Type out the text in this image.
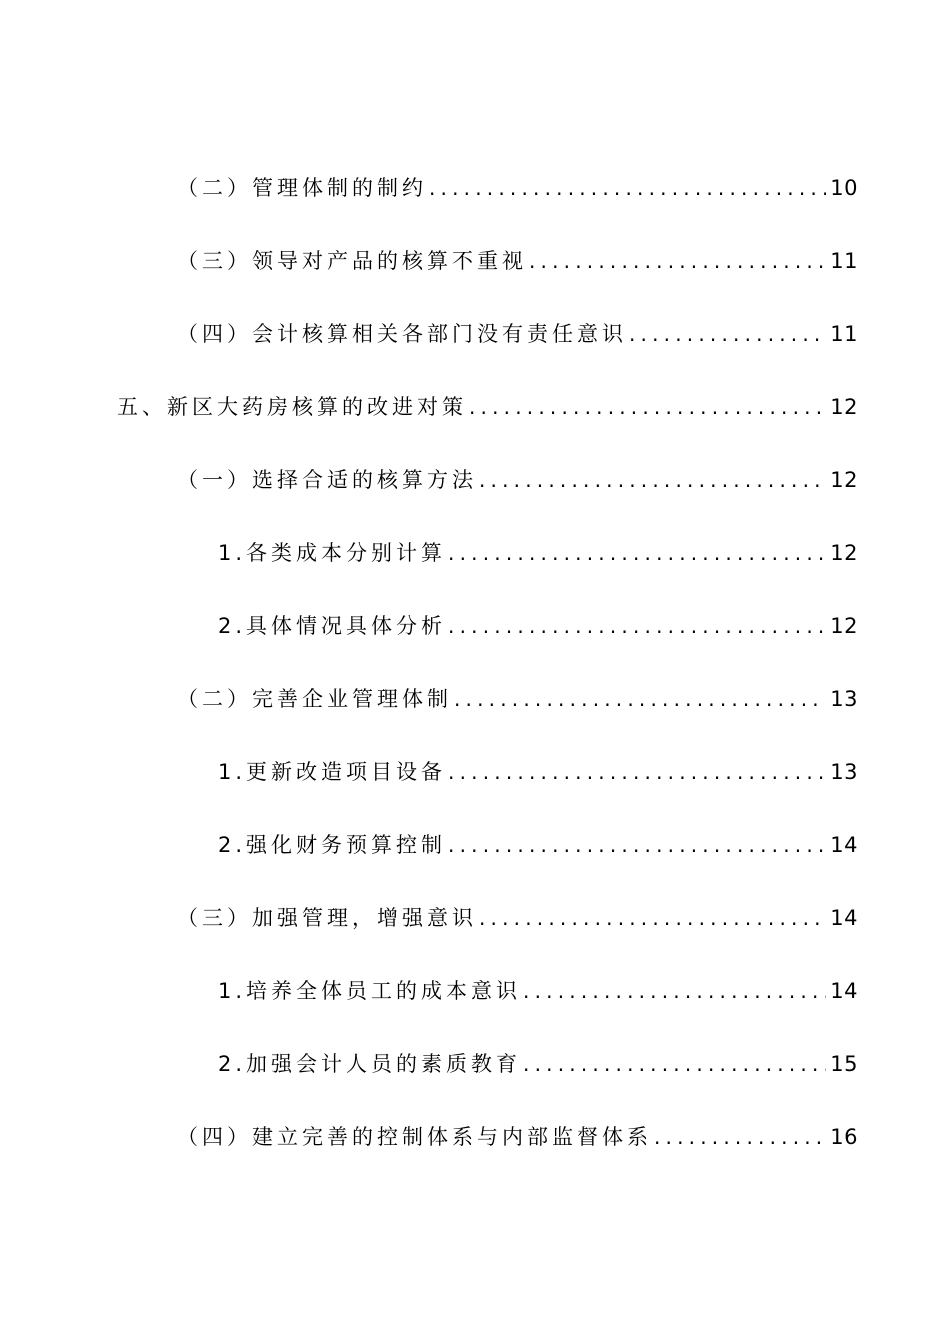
（二）管理体制的制约 .....	10
（三）领导对产品的核算不重视 .....	11
（四）会计核算相关各部门没有责任意识 .....	11
五、新区大药房核算的改进对策 .....	12
（一）选择合适的核算方法 .....	12
1.各类成本分别计算 .....	12
2.具体情况具体分析 .....	12
（二）完善企业管理体制 .....	13
1.更新改造项目设备 .....	13
2.强化财务预算控制 .....	14
（三）加强管理，增强意识 .....	14
1.培养全体员工的成本意识 .....	14
2.加强会计人员的素质教育 .....	15
（四）建立完善的控制体系与内部监督体系 .....	16
